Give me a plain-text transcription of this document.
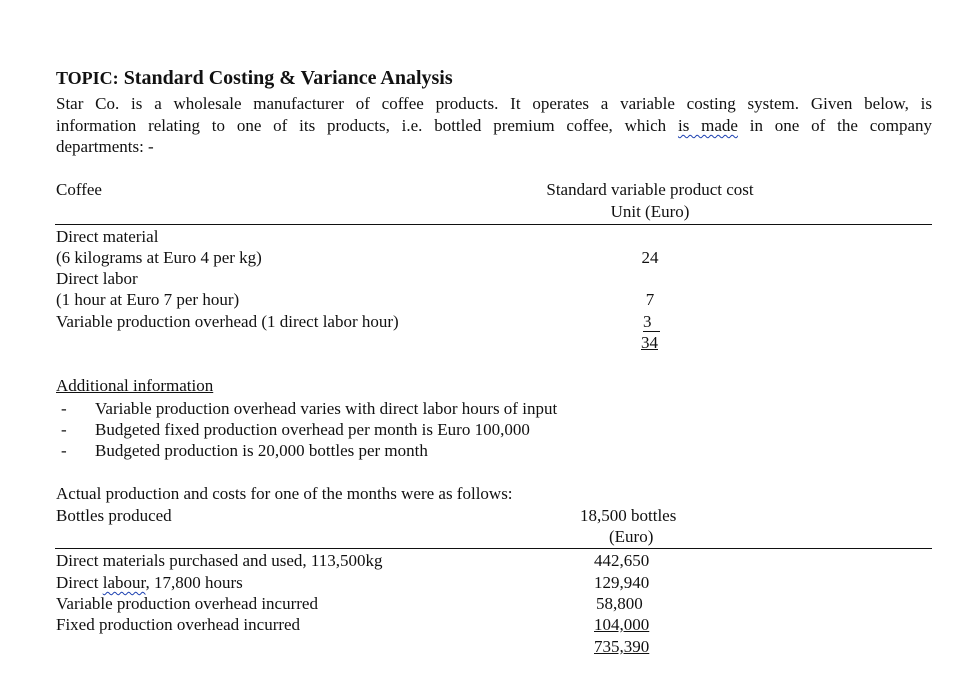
TOPIC: Standard Costing & Variance Analysis
Star Co. is a wholesale manufacturer of coffee products. It operates a variable costing system. Given below, is
information relating to one of its products, i.e. bottled premium coffee, which is made in one of the company
departments: -
Coffee	Standard variable product cost
Unit (Euro)
Direct material
(6 kilograms at Euro 4 per kg)	24
Direct labor
(1 hour at Euro 7 per hour)	7
Variable production overhead (1 direct labor hour)	3
34
Additional information
- Variable production overhead varies with direct labor hours of input
- Budgeted fixed production overhead per month is Euro 100,000
- Budgeted production is 20,000 bottles per month
Actual production and costs for one of the months were as follows:
Bottles produced	18,500 bottles
(Euro)
Direct materials purchased and used, 113,500kg	442,650
Direct labour, 17,800 hours	129,940
Variable production overhead incurred	58,800
Fixed production overhead incurred	104,000
735,390
